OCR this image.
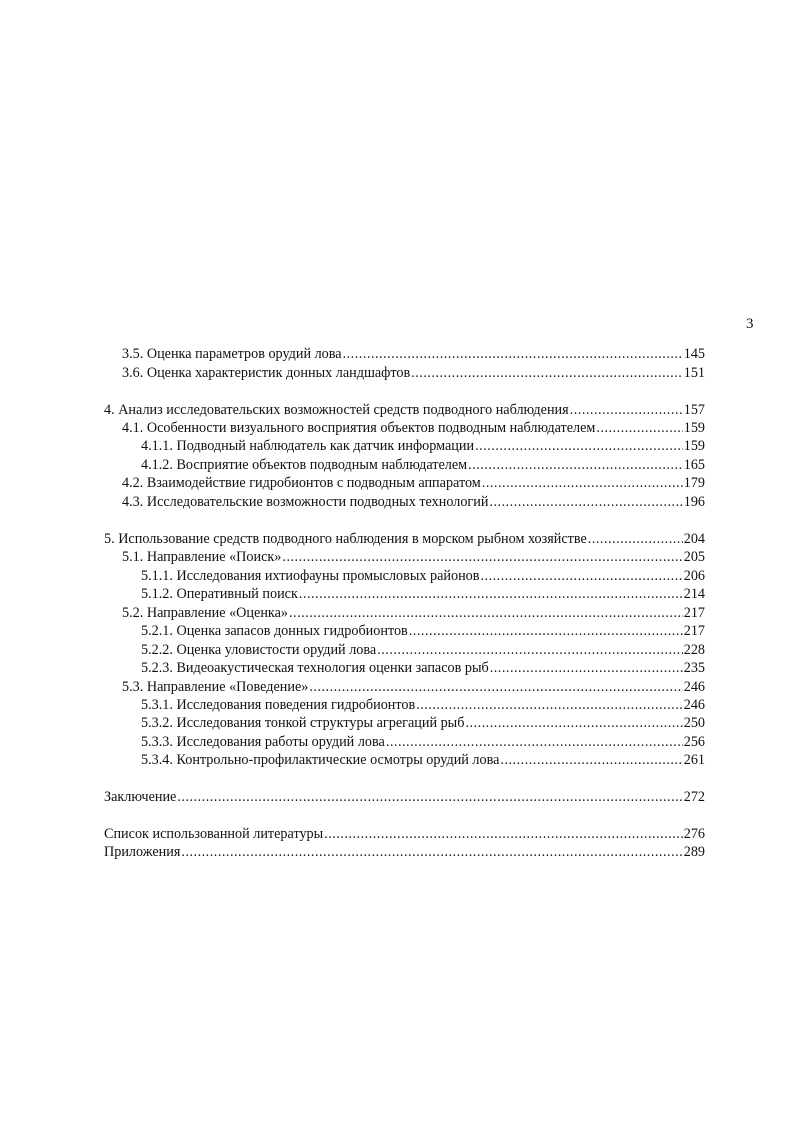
3
3.5. Оценка параметров орудий лова .....	145
3.6. Оценка характеристик донных ландшафтов .....	151
4. Анализ исследовательских возможностей средств подводного наблюдения .....	157
4.1. Особенности визуального восприятия объектов подводным наблюдателем .....	159
4.1.1. Подводный наблюдатель как датчик информации .....	159
4.1.2. Восприятие объектов подводным наблюдателем .....	165
4.2. Взаимодействие гидробионтов с подводным аппаратом .....	179
4.3. Исследовательские возможности подводных технологий .....	196
5. Использование средств подводного наблюдения в морском рыбном хозяйстве .....	204
5.1. Направление «Поиск» .....	205
5.1.1. Исследования ихтиофауны промысловых районов .....	206
5.1.2. Оперативный поиск .....	214
5.2. Направление «Оценка» .....	217
5.2.1. Оценка запасов донных гидробионтов .....	217
5.2.2. Оценка уловистости орудий лова .....	228
5.2.3. Видеоакустическая технология оценки запасов рыб .....	235
5.3. Направление «Поведение» .....	246
5.3.1. Исследования поведения гидробионтов .....	246
5.3.2. Исследования тонкой структуры агрегаций рыб .....	250
5.3.3. Исследования работы орудий лова .....	256
5.3.4. Контрольно-профилактические осмотры орудий лова .....	261
Заключение .....	272
Список использованной литературы .....	276
Приложения .....	289
